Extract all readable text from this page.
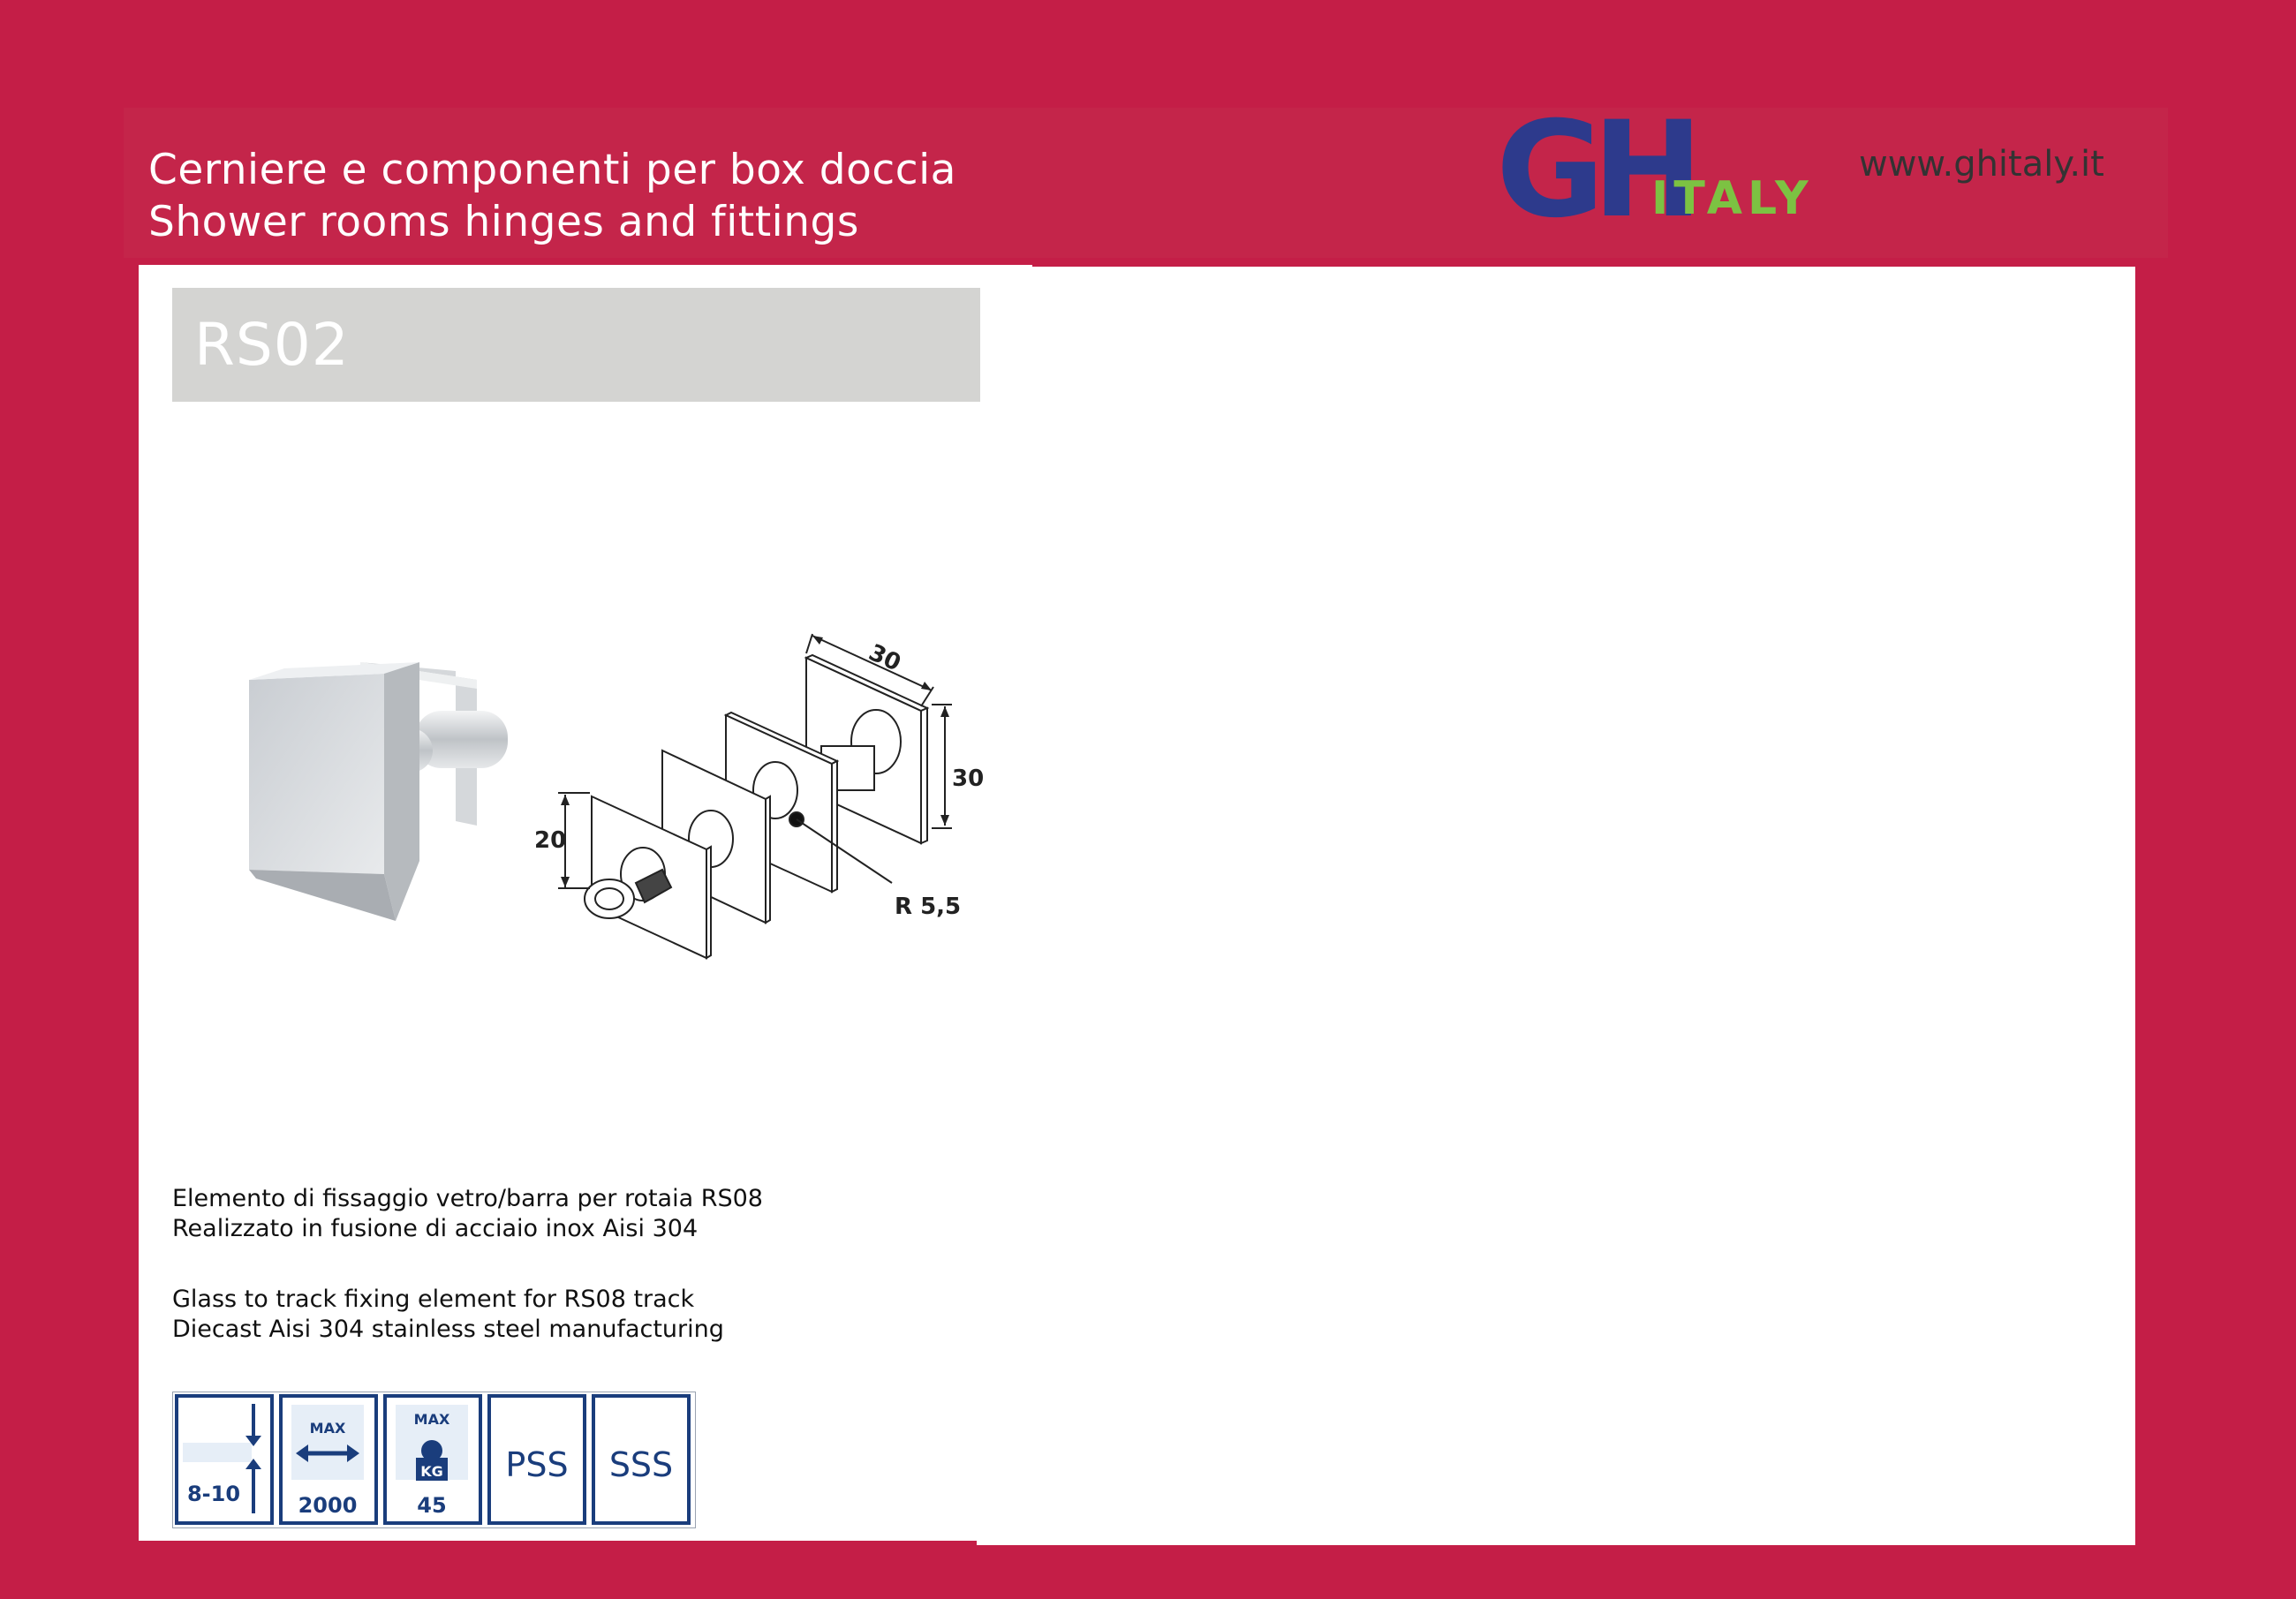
Cerniere e componenti per box doccia
Shower rooms hinges and fittings	GH
ITALY
www.ghitaly.it
RS02
30
30
20
R 5,5
Elemento di fissaggio vetro/barra per rotaia RS08
Realizzato in fusione di acciaio inox Aisi 304
Glass to track fixing element for RS08 track
Diecast Aisi 304 stainless steel manufacturing
8-10
MAX
2000
MAX
KG
45
PSS SSS
